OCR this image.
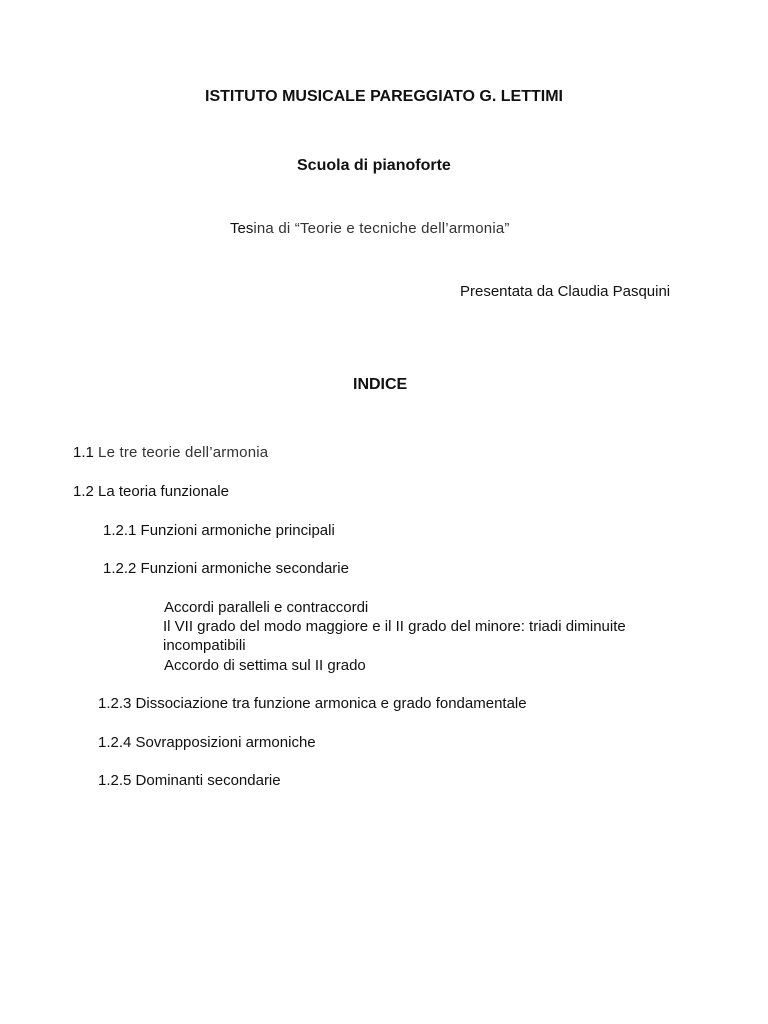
ISTITUTO MUSICALE PAREGGIATO G. LETTIMI
Scuola di pianoforte
Tesina di “Teorie e tecniche dell’armonia”
Presentata da Claudia Pasquini
INDICE
1.1 Le tre teorie dell’armonia
1.2 La teoria funzionale
1.2.1 Funzioni armoniche principali
1.2.2 Funzioni armoniche secondarie
Accordi paralleli e contraccordi
Il VII grado del modo maggiore e il II grado del minore: triadi diminuite
incompatibili
Accordo di settima sul II grado
1.2.3 Dissociazione tra funzione armonica e grado fondamentale
1.2.4 Sovrapposizioni armoniche
1.2.5 Dominanti secondarie
